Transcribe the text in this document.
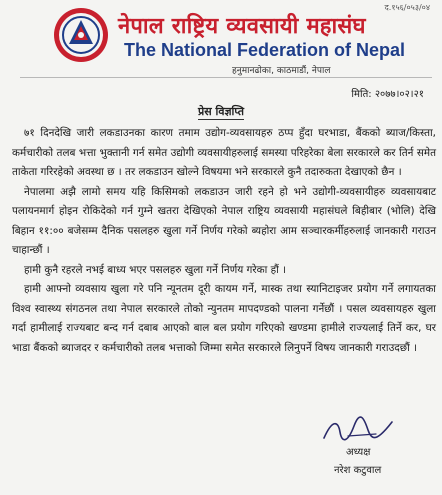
द.१५६/०५३/०४
नेपाल राष्ट्रिय व्यवसायी महासंघ
The National Federation of Nepal
हनुमानढोका, काठमाडौं, नेपाल
मिति: २०७७।०२।२१
प्रेस विज्ञप्ति

७१ दिनदेखि जारी लकडाउनका कारण तमाम उद्योग-व्यवसायहरु ठप्प हुँदा घरभाडा, बैंकको ब्याज/किस्ता, कर्मचारीको तलब भत्ता भुक्तानी गर्न समेत उद्योगी व्यवसायीहरुलाई समस्या परिहरेका बेला सरकारले कर तिर्न समेत ताकेता गरिरहेको अवस्था छ । तर लकडाउन खोल्ने विषयमा भने सरकारले कुनै तदारुकता देखाएको छैन ।

नेपालमा अझै लामो समय यहि किसिमको लकडाउन जारी रहने हो भने उद्योगी-व्यवसायीहरु व्यवसायबाट पलायनमार्ग होइन रोकिदेको गर्न गुम्ने खतरा देखिएको नेपाल राष्ट्रिय व्यवसायी महासंघले बिहीबार (भोलि) देखि बिहान ११:०० बजेसम्म दैनिक पसलहरु खुला गर्ने निर्णय गरेको ब्यहोरा आम सञ्चारकर्मीहरुलाई जानकारी गराउन चाहान्छौं ।

हामी कुनै रहरले नभई बाध्य भएर पसलहरु खुला गर्ने निर्णय गरेका हौं ।

हामी आफ्नो व्यवसाय खुला गरे पनि न्यूनतम दूरी कायम गर्ने, मास्क तथा स्यानिटाइजर प्रयोग गर्ने लगायतका विश्व स्वास्थ्य संगठनल तथा नेपाल सरकारले तोको न्युनतम मापदण्डको पालना गर्नेछौं । पसल व्यवसायहरु खुला गर्दा हामीलाई राज्यबाट बन्द गर्न दबाब आएको बाल बल प्रयोग गरिएको खण्डमा हामीले राज्यलाई तिर्ने कर, घर भाडा बैंकको ब्याजदर र कर्मचारीको तलब भत्ताको जिम्मा समेत सरकारले लिनुपर्ने विषय जानकारी गराउदछौं ।

अध्यक्ष
नरेश कटुवाल
